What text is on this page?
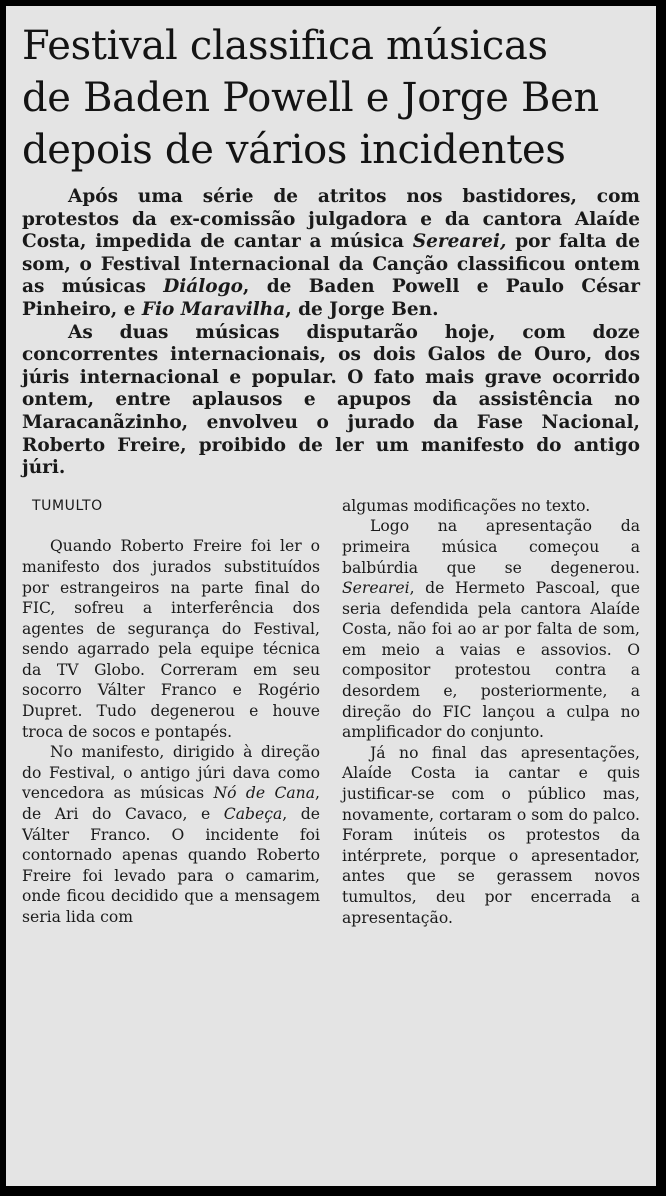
Festival classifica músicas
de Baden Powell e Jorge Ben
depois de vários incidentes

Após uma série de atritos nos bastidores, com protestos da ex-comissão julgadora e da cantora Alaíde Costa, impedida de cantar a música Serearei, por falta de som, o Festival Internacional da Canção classificou ontem as músicas Diálogo, de Baden Powell e Paulo César Pinheiro, e Fio Maravilha, de Jorge Ben.

As duas músicas disputarão hoje, com doze concorrentes internacionais, os dois Galos de Ouro, dos júris internacional e popular. O fato mais grave ocorrido ontem, entre aplausos e apupos da assistência no Maracanãzinho, envolveu o jurado da Fase Nacional, Roberto Freire, proibido de ler um manifesto do antigo júri.

TUMULTO

Quando Roberto Freire foi ler o manifesto dos jurados substituídos por estrangeiros na parte final do FIC, sofreu a interferência dos agentes de segurança do Festival, sendo agarrado pela equipe técnica da TV Globo. Correram em seu socorro Válter Franco e Rogério Dupret. Tudo degenerou e houve troca de socos e pontapés.

No manifesto, dirigido à direção do Festival, o antigo júri dava como vencedora as músicas Nó de Cana, de Ari do Cavaco, e Cabeça, de Válter Franco. O incidente foi contornado apenas quando Roberto Freire foi levado para o camarim, onde ficou decidido que a mensagem seria lida com

algumas modificações no texto.

Logo na apresentação da primeira música começou a balbúrdia que se degenerou. Serearei, de Hermeto Pascoal, que seria defendida pela cantora Alaíde Costa, não foi ao ar por falta de som, em meio a vaias e assovios. O compositor protestou contra a desordem e, posteriormente, a direção do FIC lançou a culpa no amplificador do conjunto.

Já no final das apresentações, Alaíde Costa ia cantar e quis justificar-se com o público mas, novamente, cortaram o som do palco. Foram inúteis os protestos da intérprete, porque o apresentador, antes que se gerassem novos tumultos, deu por encerrada a apresentação.
